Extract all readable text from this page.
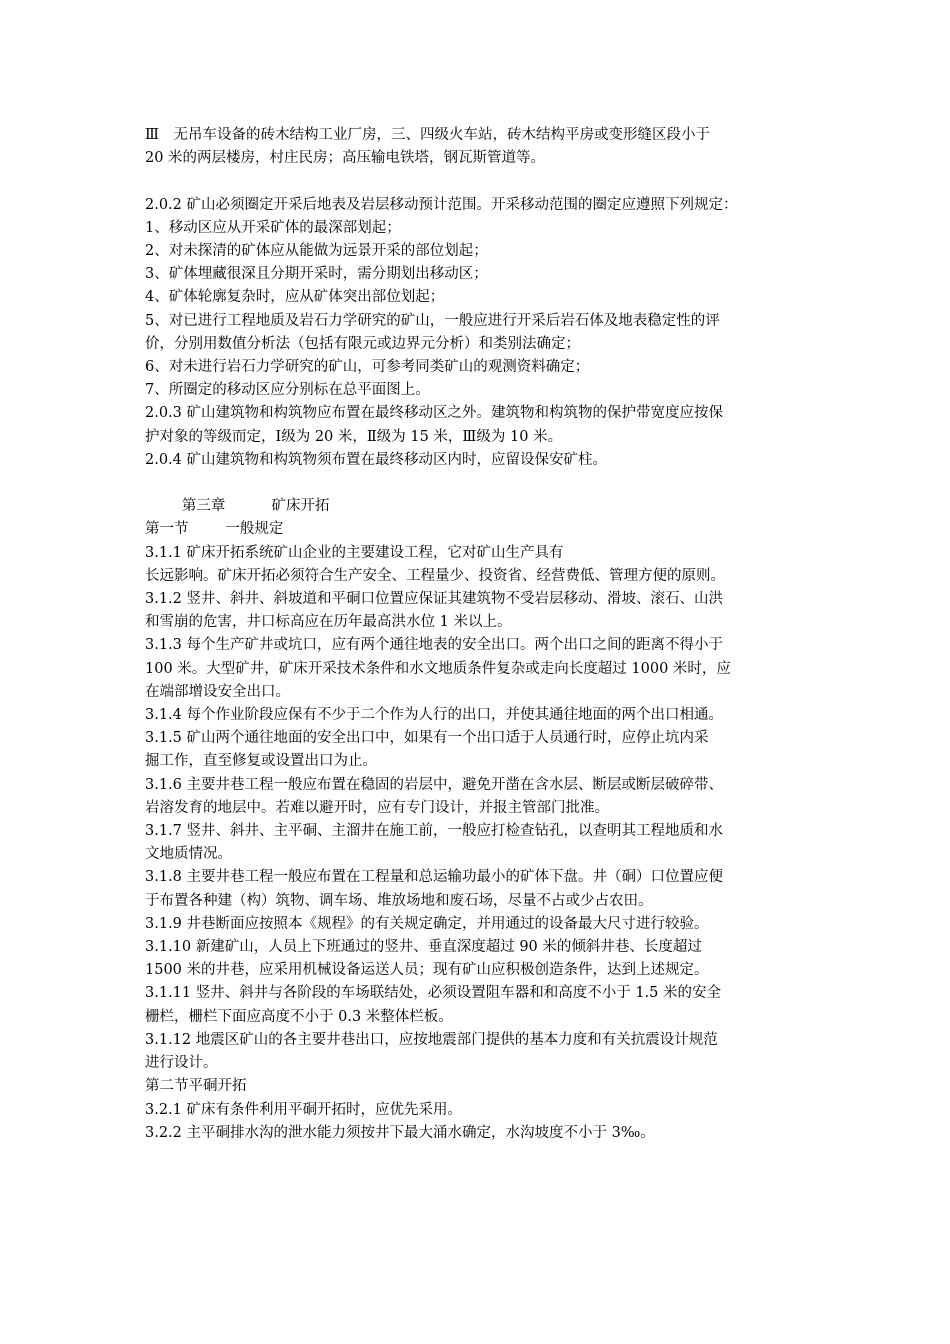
Ⅲ　无吊车设备的砖木结构工业厂房，三、四级火车站，砖木结构平房或变形缝区段小于
20 米的两层楼房，村庄民房；高压输电铁塔，钢瓦斯管道等。
2.0.2 矿山必须圈定开采后地表及岩层移动预计范围。开采移动范围的圈定应遵照下列规定：
1、移动区应从开采矿体的最深部划起；
2、对未探清的矿体应从能做为远景开采的部位划起；
3、矿体埋藏很深且分期开采时，需分期划出移动区；
4、矿体轮廓复杂时，应从矿体突出部位划起；
5、对已进行工程地质及岩石力学研究的矿山，一般应进行开采后岩石体及地表稳定性的评
价，分别用数值分析法（包括有限元或边界元分析）和类别法确定；
6、对未进行岩石力学研究的矿山，可参考同类矿山的观测资料确定；
7、所圈定的移动区应分别标在总平面图上。
2.0.3 矿山建筑物和构筑物应布置在最终移动区之外。建筑物和构筑物的保护带宽度应按保
护对象的等级而定，Ⅰ级为 20 米，Ⅱ级为 15 米，Ⅲ级为 10 米。
2.0.4 矿山建筑物和构筑物须布置在最终移动区内时，应留设保安矿柱。
第三章          矿床开拓
第一节        一般规定
3.1.1 矿床开拓系统矿山企业的主要建设工程，它对矿山生产具有
长远影响。矿床开拓必须符合生产安全、工程量少、投资省、经营费低、管理方便的原则。
3.1.2 竖井、斜井、斜坡道和平硐口位置应保证其建筑物不受岩层移动、滑坡、滚石、山洪
和雪崩的危害，井口标高应在历年最高洪水位 1 米以上。
3.1.3 每个生产矿井或坑口，应有两个通往地表的安全出口。两个出口之间的距离不得小于
100 米。大型矿井，矿床开采技术条件和水文地质条件复杂或走向长度超过 1000 米时，应
在端部增设安全出口。
3.1.4 每个作业阶段应保有不少于二个作为人行的出口，并使其通往地面的两个出口相通。
3.1.5 矿山两个通往地面的安全出口中，如果有一个出口适于人员通行时，应停止坑内采
掘工作，直至修复或设置出口为止。
3.1.6 主要井巷工程一般应布置在稳固的岩层中，避免开凿在含水层、断层或断层破碎带、
岩溶发育的地层中。若难以避开时，应有专门设计，并报主管部门批准。
3.1.7 竖井、斜井、主平硐、主溜井在施工前，一般应打检查钻孔，以查明其工程地质和水
文地质情况。
3.1.8 主要井巷工程一般应布置在工程量和总运输功最小的矿体下盘。井（硐）口位置应便
于布置各种建（构）筑物、调车场、堆放场地和废石场，尽量不占或少占农田。
3.1.9 井巷断面应按照本《规程》的有关规定确定，并用通过的设备最大尺寸进行较验。
3.1.10 新建矿山，人员上下班通过的竖井、垂直深度超过 90 米的倾斜井巷、长度超过
1500 米的井巷，应采用机械设备运送人员；现有矿山应积极创造条件，达到上述规定。
3.1.11 竖井、斜井与各阶段的车场联结处，必须设置阻车器和和高度不小于 1.5 米的安全
栅栏，栅栏下面应高度不小于 0.3 米整体栏板。
3.1.12 地震区矿山的各主要井巷出口，应按地震部门提供的基本力度和有关抗震设计规范
进行设计。
第二节平硐开拓
3.2.1 矿床有条件利用平硐开拓时，应优先采用。
3.2.2 主平硐排水沟的泄水能力须按井下最大涌水确定，水沟坡度不小于 3‰。
